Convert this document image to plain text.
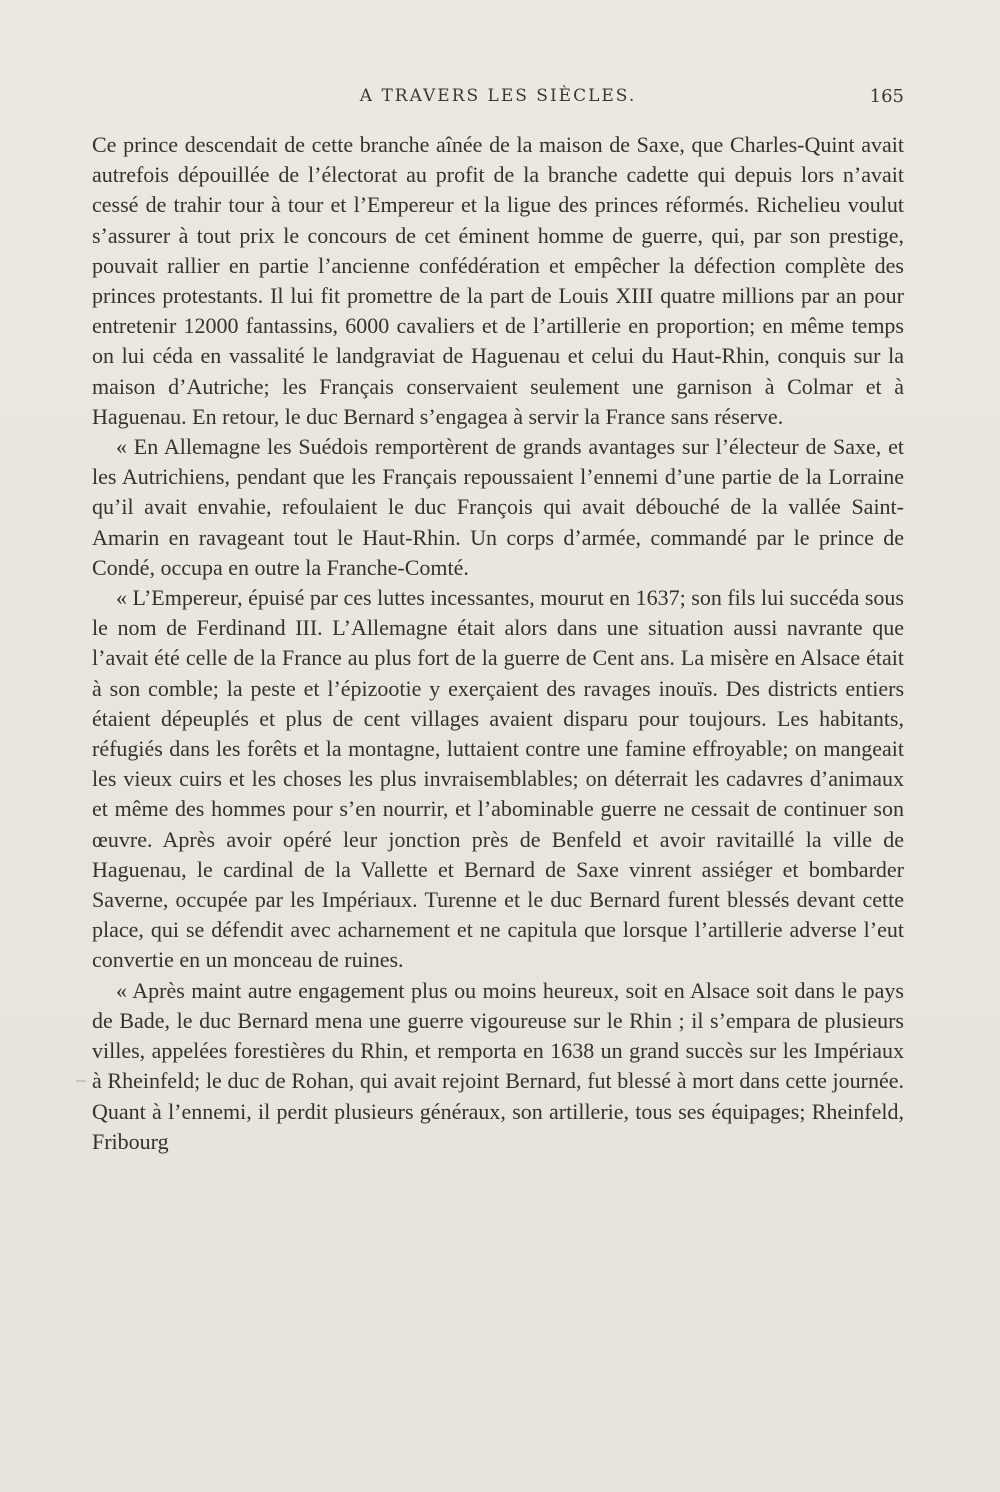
A TRAVERS LES SIÈCLES.	165

Ce prince descendait de cette branche aînée de la maison de Saxe, que Charles-Quint avait autrefois dépouillée de l’électorat au profit de la branche cadette qui depuis lors n’avait cessé de trahir tour à tour et l’Empereur et la ligue des princes réformés. Richelieu voulut s’assurer à tout prix le concours de cet éminent homme de guerre, qui, par son prestige, pouvait rallier en partie l’ancienne confédération et empêcher la défection complète des princes protestants. Il lui fit promettre de la part de Louis XIII quatre millions par an pour entretenir 12000 fantassins, 6000 cavaliers et de l’artillerie en proportion; en même temps on lui céda en vassalité le landgraviat de Haguenau et celui du Haut-Rhin, conquis sur la maison d’Autriche; les Français conservaient seulement une garnison à Colmar et à Haguenau. En retour, le duc Bernard s’engagea à servir la France sans réserve.

« En Allemagne les Suédois remportèrent de grands avantages sur l’électeur de Saxe, et les Autrichiens, pendant que les Français repoussaient l’ennemi d’une partie de la Lorraine qu’il avait envahie, refoulaient le duc François qui avait débouché de la vallée Saint-Amarin en ravageant tout le Haut-Rhin. Un corps d’armée, commandé par le prince de Condé, occupa en outre la Franche-Comté.

« L’Empereur, épuisé par ces luttes incessantes, mourut en 1637; son fils lui succéda sous le nom de Ferdinand III. L’Allemagne était alors dans une situation aussi navrante que l’avait été celle de la France au plus fort de la guerre de Cent ans. La misère en Alsace était à son comble; la peste et l’épizootie y exerçaient des ravages inouïs. Des districts entiers étaient dépeuplés et plus de cent villages avaient disparu pour toujours. Les habitants, réfugiés dans les forêts et la montagne, luttaient contre une famine effroyable; on mangeait les vieux cuirs et les choses les plus invraisemblables; on déterrait les cadavres d’animaux et même des hommes pour s’en nourrir, et l’abominable guerre ne cessait de continuer son œuvre. Après avoir opéré leur jonction près de Benfeld et avoir ravitaillé la ville de Haguenau, le cardinal de la Vallette et Bernard de Saxe vinrent assiéger et bombarder Saverne, occupée par les Impériaux. Turenne et le duc Bernard furent blessés devant cette place, qui se défendit avec acharnement et ne capitula que lorsque l’artillerie adverse l’eut convertie en un monceau de ruines.

« Après maint autre engagement plus ou moins heureux, soit en Alsace soit dans le pays de Bade, le duc Bernard mena une guerre vigoureuse sur le Rhin ; il s’empara de plusieurs villes, appelées forestières du Rhin, et remporta en 1638 un grand succès sur les Impériaux à Rheinfeld; le duc de Rohan, qui avait rejoint Bernard, fut blessé à mort dans cette journée. Quant à l’ennemi, il perdit plusieurs généraux, son artillerie, tous ses équipages; Rheinfeld, Fribourg
